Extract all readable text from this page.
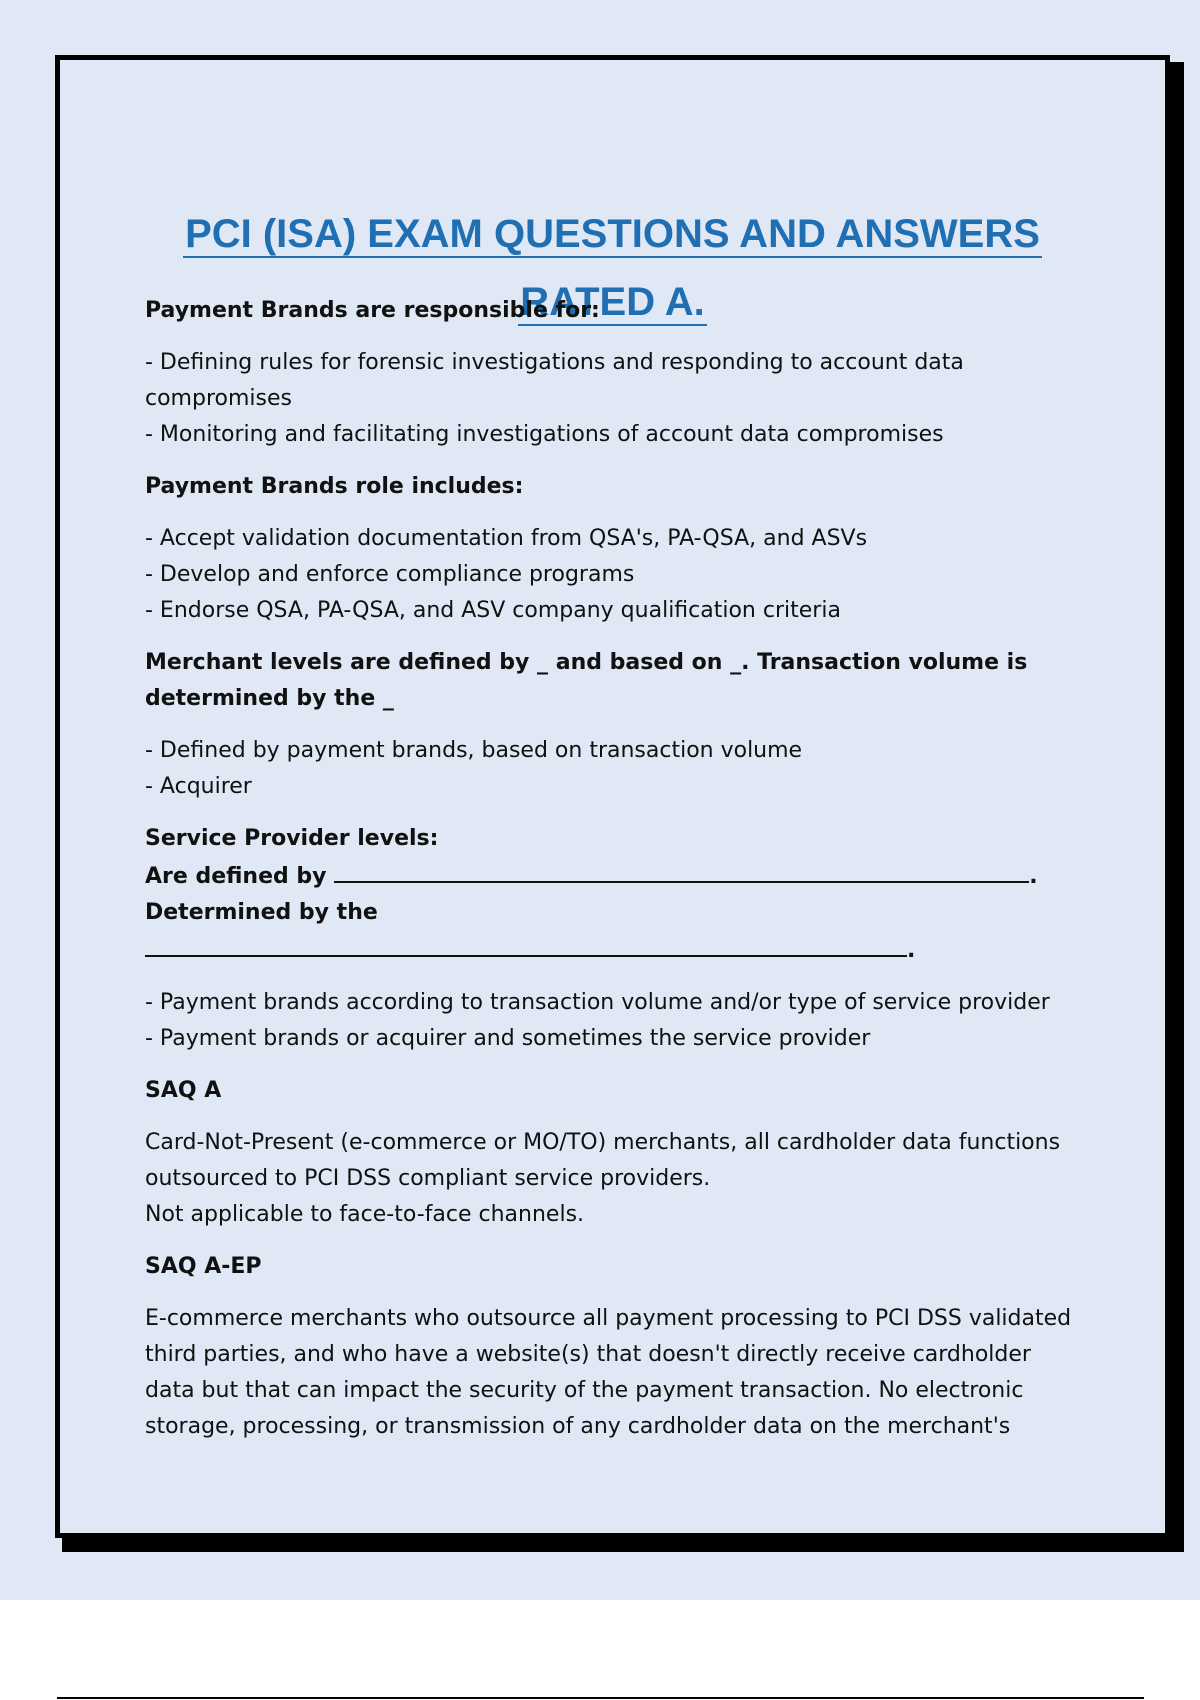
PCI (ISA) EXAM QUESTIONS AND ANSWERS
RATED A.
Payment Brands are responsible for:
- Defining rules for forensic investigations and responding to account data
compromises
- Monitoring and facilitating investigations of account data compromises
Payment Brands role includes:
- Accept validation documentation from QSA's, PA-QSA, and ASVs
- Develop and enforce compliance programs
- Endorse QSA, PA-QSA, and ASV company qualification criteria
Merchant levels are defined by _ and based on _. Transaction volume is
determined by the _
- Defined by payment brands, based on transaction volume
- Acquirer
Service Provider levels:
Are defined by	.
Determined by the
.
- Payment brands according to transaction volume and/or type of service provider
- Payment brands or acquirer and sometimes the service provider
SAQ A
Card-Not-Present (e-commerce or MO/TO) merchants, all cardholder data functions
outsourced to PCI DSS compliant service providers.
Not applicable to face-to-face channels.
SAQ A-EP
E-commerce merchants who outsource all payment processing to PCI DSS validated
third parties, and who have a website(s) that doesn't directly receive cardholder
data but that can impact the security of the payment transaction. No electronic
storage, processing, or transmission of any cardholder data on the merchant's
